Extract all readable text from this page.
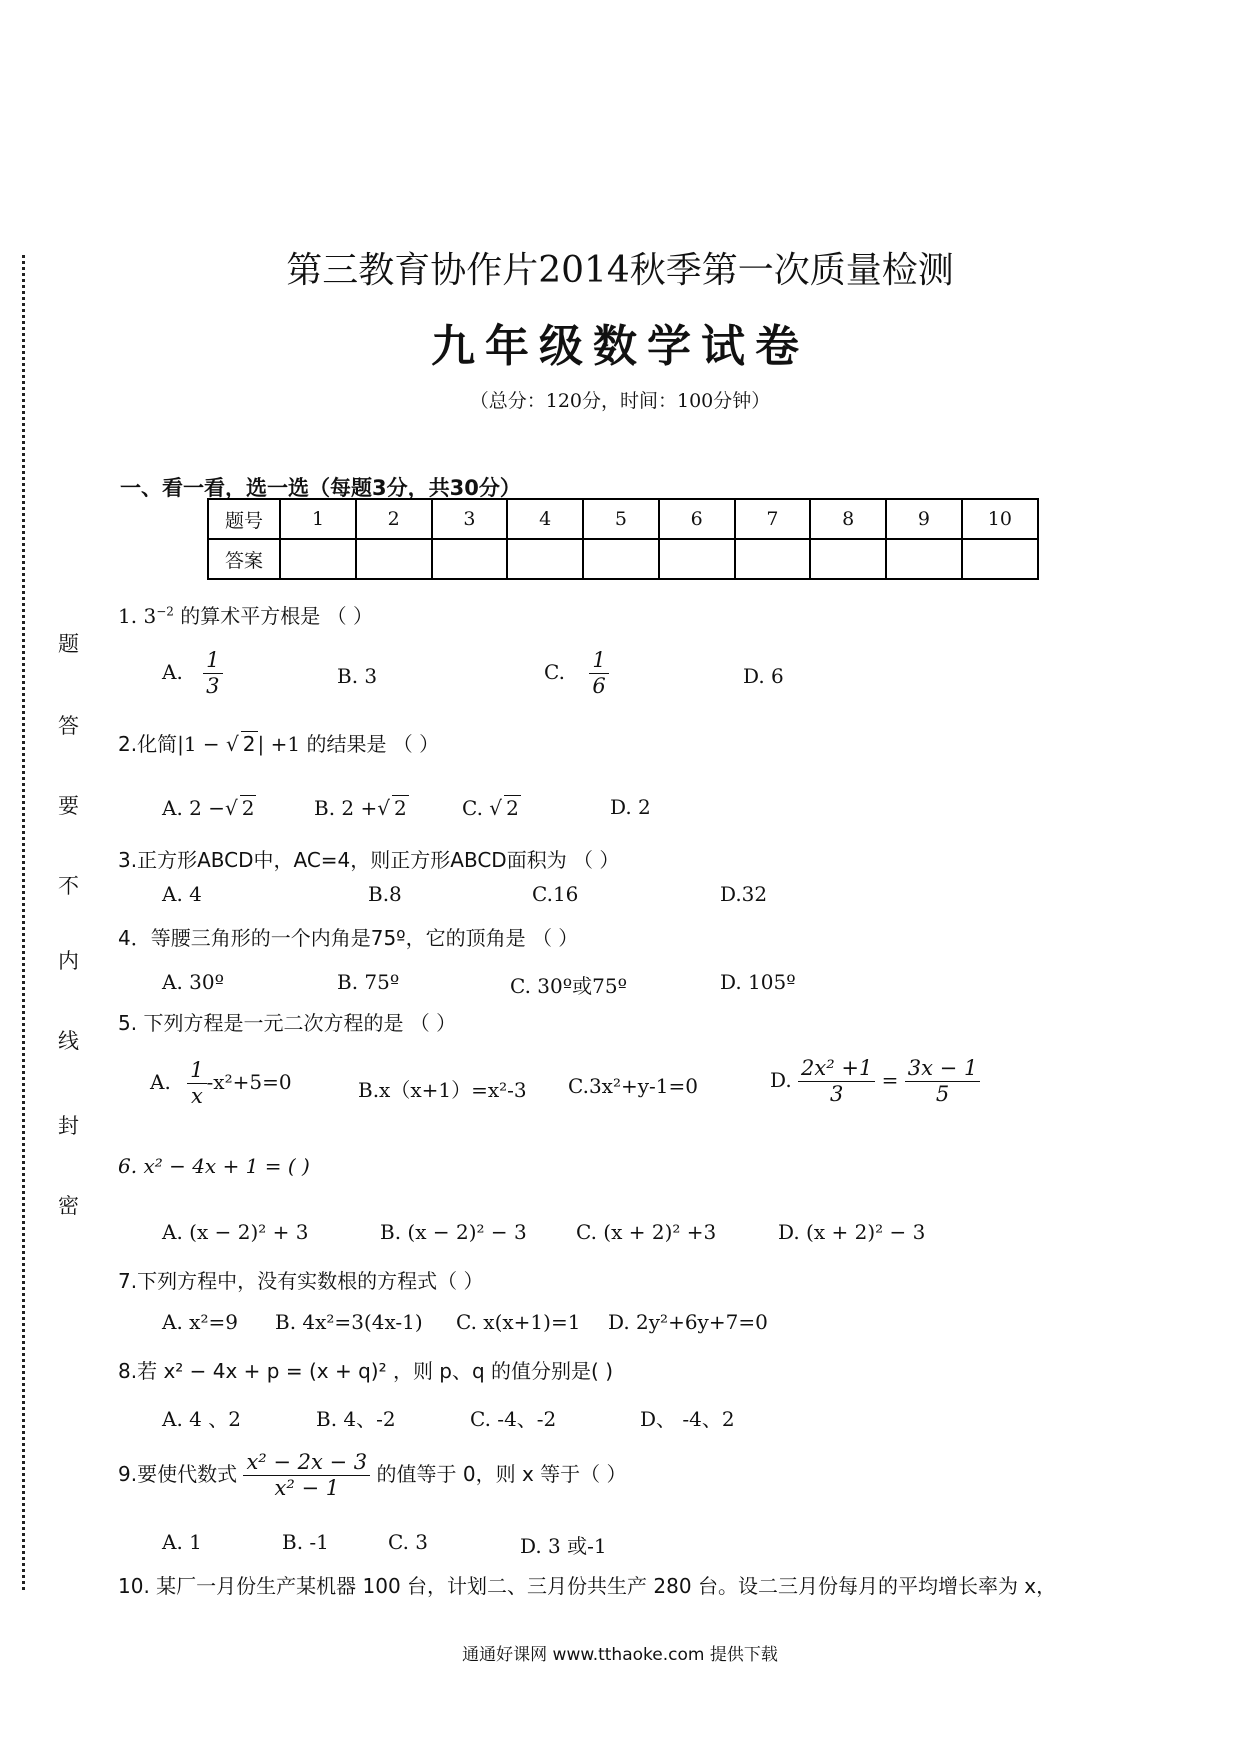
题
答
要
不
内
线
封
密
第三教育协作片2014秋季第一次质量检测
九年级数学试卷
（总分：120分，时间：100分钟）
一、看一看，选一选（每题3分，共30分）
题号	1	2	3	4	5	6	7	8	9	10
答案										
1. $3^{-2}$ 的算术平方根是 （ ）
A. $\frac{1}{3}$	B. 3	C. $\frac{1}{6}$	D. 6
2.化简|1 − √ 2 | +1 的结果是 （ ）
A. 2 −√ 2	B. 2 +√ 2	C. √ 2	D. 2
3.正方形ABCD中，AC=4，则正方形ABCD面积为 （ ）
A. 4	B.8	C.16	D.32
4．等腰三角形的一个内角是75º，它的顶角是 （ ）
A. 30º	B. 75º	C. 30º或75º	D. 105º
5. 下列方程是一元二次方程的是 （ ）
A. $\frac{1}{x} -x^2+5=0$	B.x（x+1）=x²-3 C.3x²+y-1=0	D. $\frac{\text{2x² +1}}{3} = \frac{3x - 1}{5}$
6. x² − 4x + 1 = ( )
A. (x − 2)² + 3	B. (x − 2)² − 3 C. (x + 2)² +3	D. (x + 2)² − 3
7.下列方程中，没有实数根的方程式（ ）
A. x²=9 B. 4x²=3(4x-1) C. x(x+1)=1 D. 2y²+6y+7=0
8.若 x² − 4x + p = (x + q)² ，则 p、q 的值分别是( )
A. 4 、2	B. 4、-2	C. -4、-2	D、 -4、2
9.要使代数式 $\frac{\text{x² − 2x − 3}}{\text{x² − 1}}$ 的值等于 0，则 x 等于（ ）
A. 1	B. -1	C. 3	D. 3 或-1
10. 某厂一月份生产某机器 100 台，计划二、三月份共生产 280 台。设二三月份每月的平均增长率为 x，
通通好课网 www.tthaoke.com 提供下载
